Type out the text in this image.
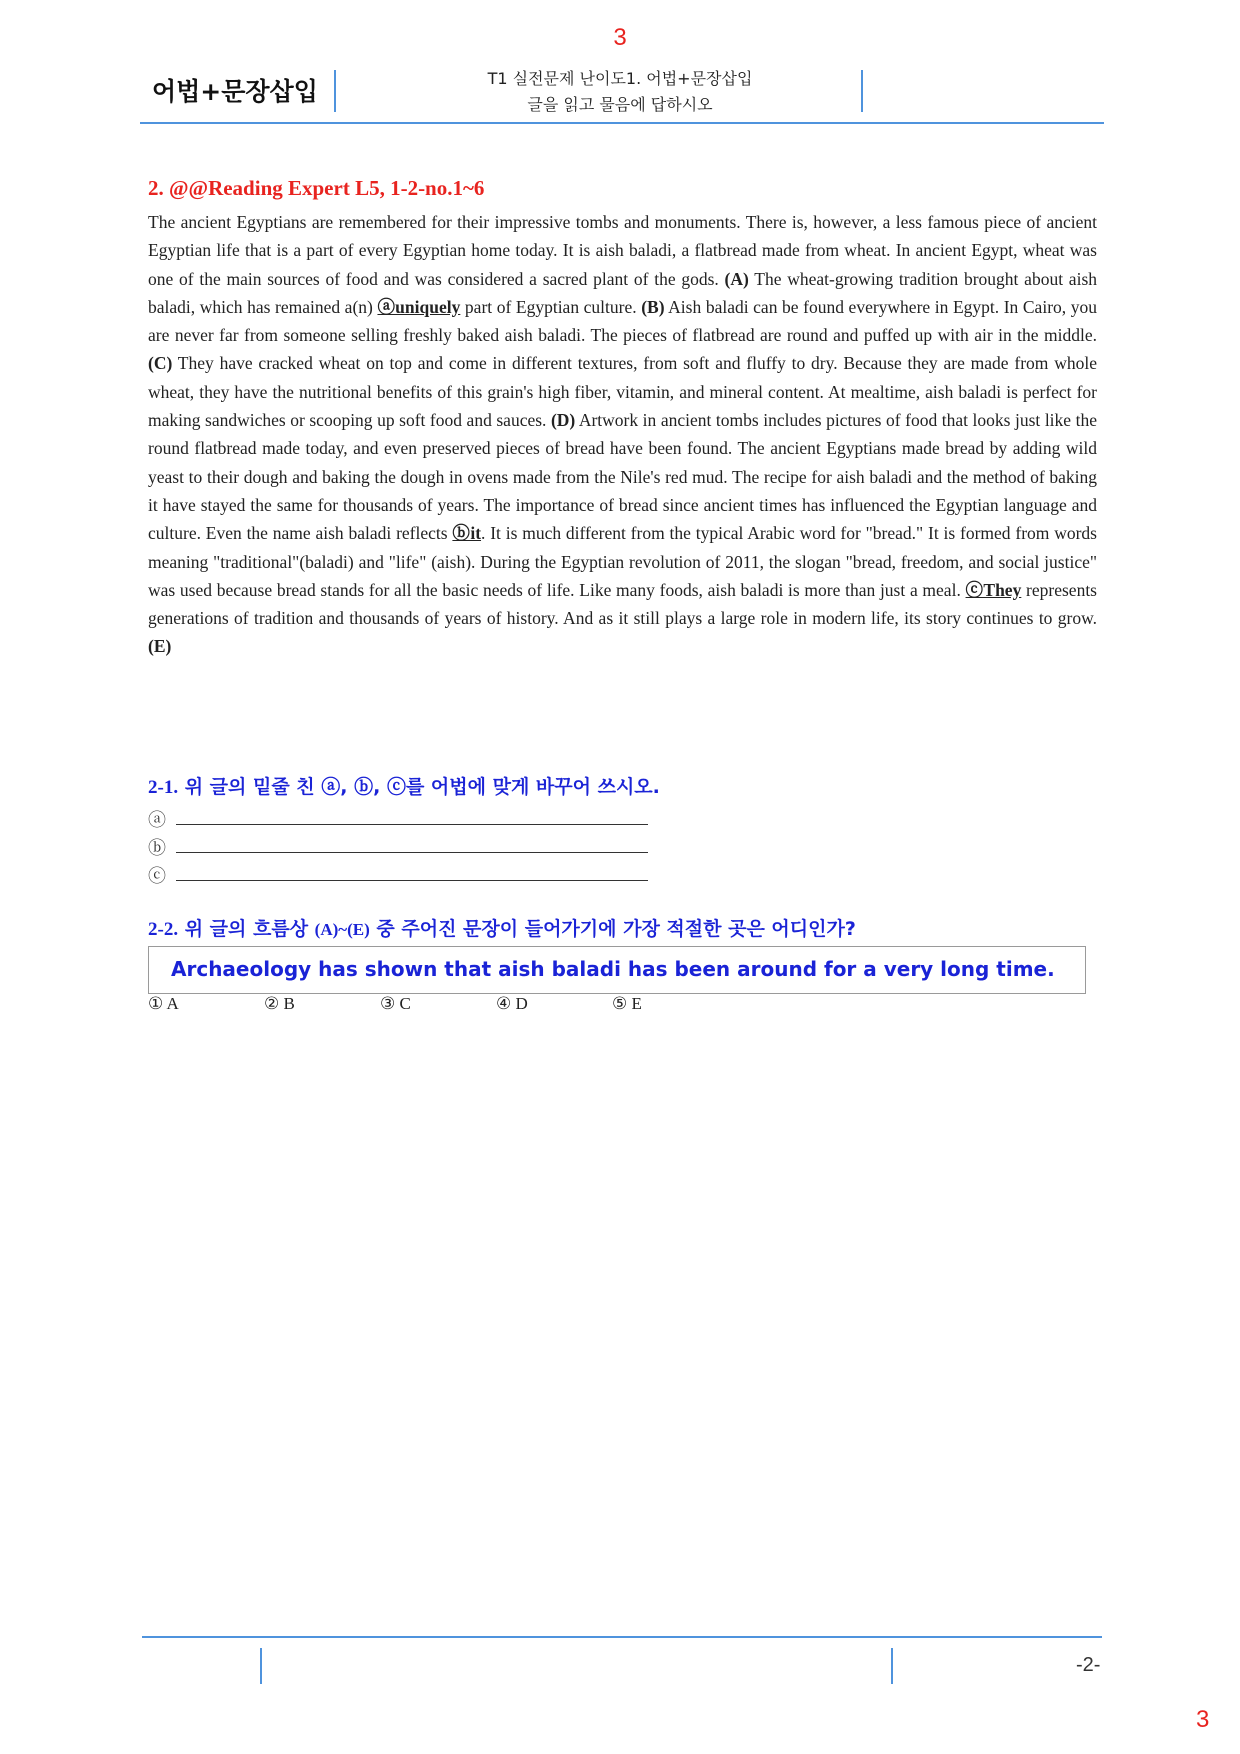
3
어법+문장삽입	T1 실전문제 난이도1. 어법+문장삽입
글을 읽고 물음에 답하시오
2. @@Reading Expert L5, 1-2-no.1~6
The ancient Egyptians are remembered for their impressive tombs and monuments. There is, however, a less famous piece of ancient Egyptian life that is a part of every Egyptian home today. It is aish baladi, a flatbread made from wheat. In ancient Egypt, wheat was one of the main sources of food and was considered a sacred plant of the gods. (A) The wheat-growing tradition brought about aish baladi, which has remained a(n) ⓐuniquely part of Egyptian culture. (B) Aish baladi can be found everywhere in Egypt. In Cairo, you are never far from someone selling freshly baked aish baladi. The pieces of flatbread are round and puffed up with air in the middle. (C) They have cracked wheat on top and come in different textures, from soft and fluffy to dry. Because they are made from whole wheat, they have the nutritional benefits of this grain's high fiber, vitamin, and mineral content. At mealtime, aish baladi is perfect for making sandwiches or scooping up soft food and sauces. (D) Artwork in ancient tombs includes pictures of food that looks just like the round flatbread made today, and even preserved pieces of bread have been found. The ancient Egyptians made bread by adding wild yeast to their dough and baking the dough in ovens made from the Nile's red mud. The recipe for aish baladi and the method of baking it have stayed the same for thousands of years. The importance of bread since ancient times has influenced the Egyptian language and culture. Even the name aish baladi reflects ⓑit. It is much different from the typical Arabic word for "bread." It is formed from words meaning "traditional"(baladi) and "life" (aish). During the Egyptian revolution of 2011, the slogan "bread, freedom, and social justice" was used because bread stands for all the basic needs of life. Like many foods, aish baladi is more than just a meal. ⓒThey represents generations of tradition and thousands of years of history. And as it still plays a large role in modern life, its story continues to grow. (E)
2-1. 위 글의 밑줄 친 ⓐ, ⓑ, ⓒ를 어법에 맞게 바꾸어 쓰시오.
ⓐ
ⓑ
ⓒ
2-2. 위 글의 흐름상 (A)~(E) 중 주어진 문장이 들어가기에 가장 적절한 곳은 어디인가?
Archaeology has shown that aish baladi has been around for a very long time.
① A	② B	③ C	④ D	⑤ E
-2-
3
